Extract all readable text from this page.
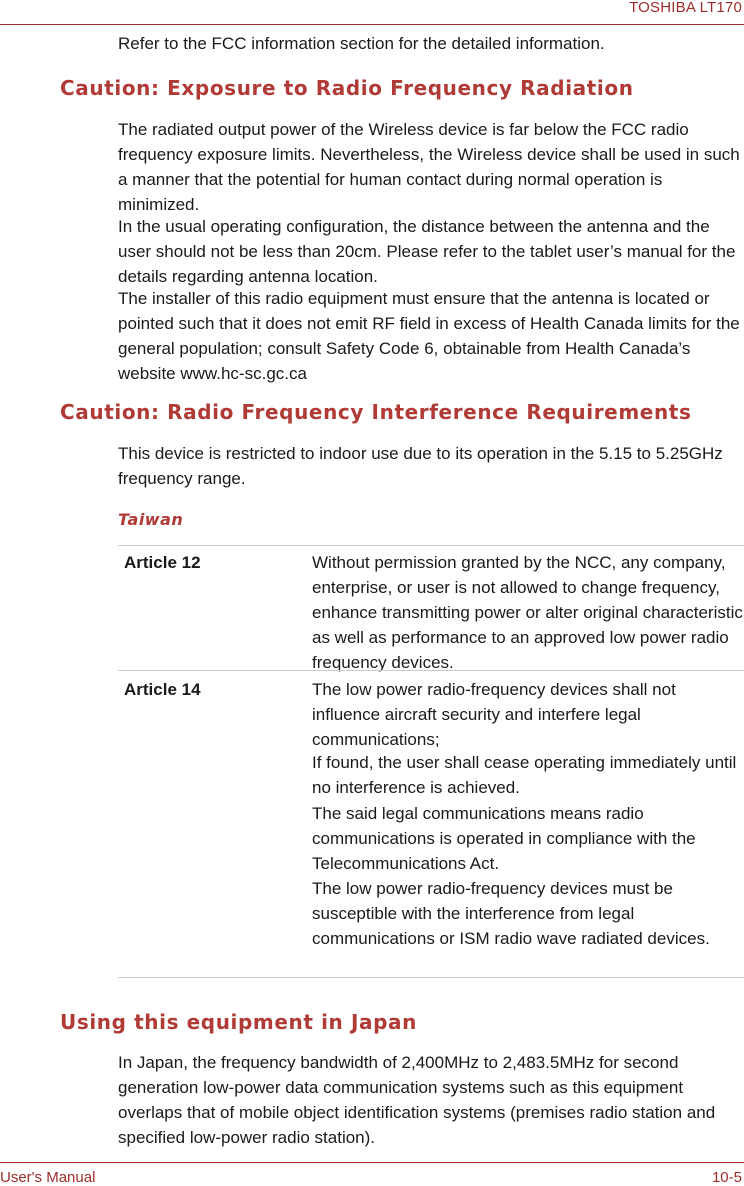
TOSHIBA LT170

Refer to the FCC information section for the detailed information.

Caution: Exposure to Radio Frequency Radiation

The radiated output power of the Wireless device is far below the FCC radio frequency exposure limits. Nevertheless, the Wireless device shall be used in such a manner that the potential for human contact during normal operation is minimized.

In the usual operating configuration, the distance between the antenna and the user should not be less than 20cm. Please refer to the tablet user’s manual for the details regarding antenna location.

The installer of this radio equipment must ensure that the antenna is located or pointed such that it does not emit RF field in excess of Health Canada limits for the general population; consult Safety Code 6, obtainable from Health Canada’s website www.hc-sc.gc.ca

Caution: Radio Frequency Interference Requirements

This device is restricted to indoor use due to its operation in the 5.15 to 5.25GHz frequency range.

Taiwan

Article 12	Without permission granted by the NCC, any company, enterprise, or user is not allowed to change frequency, enhance transmitting power or alter original characteristic as well as performance to an approved low power radio frequency devices.

Article 14	The low power radio-frequency devices shall not influence aircraft security and interfere legal communications;

If found, the user shall cease operating immediately until no interference is achieved.

The said legal communications means radio communications is operated in compliance with the Telecommunications Act.

The low power radio-frequency devices must be susceptible with the interference from legal communications or ISM radio wave radiated devices.

Using this equipment in Japan

In Japan, the frequency bandwidth of 2,400MHz to 2,483.5MHz for second generation low-power data communication systems such as this equipment overlaps that of mobile object identification systems (premises radio station and specified low-power radio station).

User's Manual	10-5
